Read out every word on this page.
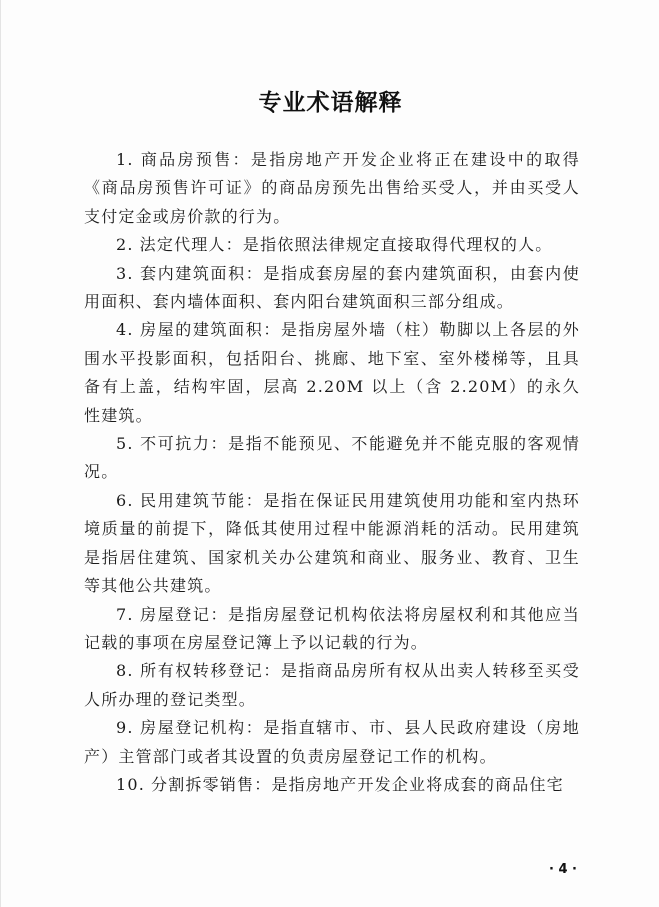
专业术语解释

1. 商品房预售：是指房地产开发企业将正在建设中的取得《商品房预售许可证》的商品房预先出售给买受人，并由买受人支付定金或房价款的行为。

2. 法定代理人：是指依照法律规定直接取得代理权的人。

3. 套内建筑面积：是指成套房屋的套内建筑面积，由套内使用面积、套内墙体面积、套内阳台建筑面积三部分组成。

4. 房屋的建筑面积：是指房屋外墙（柱）勒脚以上各层的外围水平投影面积，包括阳台、挑廊、地下室、室外楼梯等，且具备有上盖，结构牢固，层高 2.20M 以上（含 2.20M）的永久性建筑。

5. 不可抗力：是指不能预见、不能避免并不能克服的客观情况。

6. 民用建筑节能：是指在保证民用建筑使用功能和室内热环境质量的前提下，降低其使用过程中能源消耗的活动。民用建筑是指居住建筑、国家机关办公建筑和商业、服务业、教育、卫生等其他公共建筑。

7. 房屋登记：是指房屋登记机构依法将房屋权利和其他应当记载的事项在房屋登记簿上予以记载的行为。

8. 所有权转移登记：是指商品房所有权从出卖人转移至买受人所办理的登记类型。

9. 房屋登记机构：是指直辖市、市、县人民政府建设（房地产）主管部门或者其设置的负责房屋登记工作的机构。

10. 分割拆零销售：是指房地产开发企业将成套的商品住宅

· 4 ·
